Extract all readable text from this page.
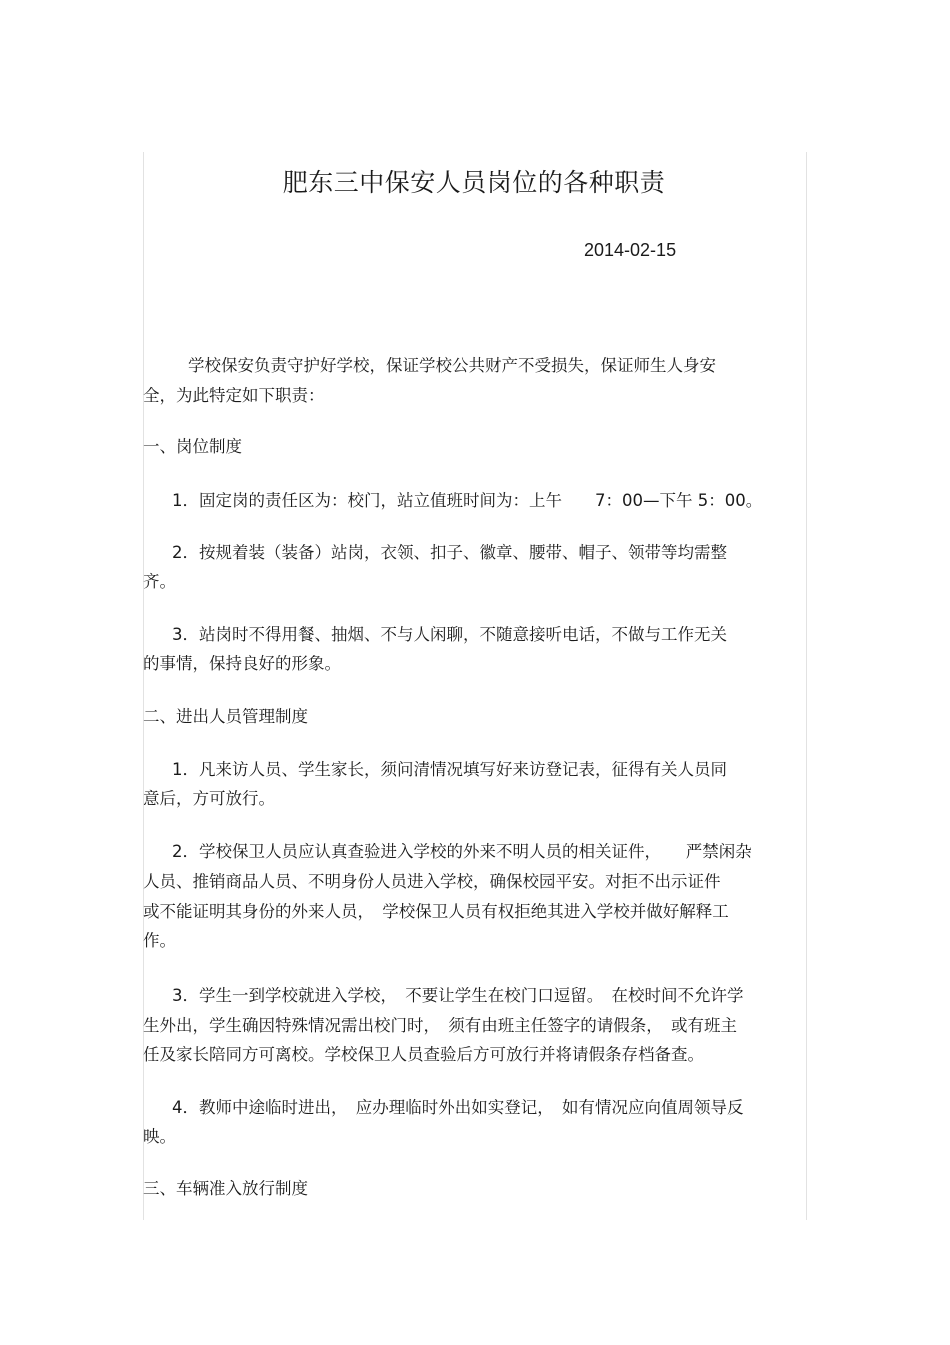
肥东三中保安人员岗位的各种职责
2014-02-15
学校保安负责守护好学校，保证学校公共财产不受损失，保证师生人身安
全，为此特定如下职责：
一、岗位制度
1．固定岗的责任区为：校门，站立值班时间为：上午　　7：00—下午 5：00。
2．按规着装（装备）站岗，衣领、扣子、徽章、腰带、帽子、领带等均需整
齐。
3．站岗时不得用餐、抽烟、不与人闲聊，不随意接听电话，不做与工作无关
的事情，保持良好的形象。
二、进出人员管理制度
1．凡来访人员、学生家长，须问清情况填写好来访登记表，征得有关人员同
意后，方可放行。
2．学校保卫人员应认真查验进入学校的外来不明人员的相关证件，　　严禁闲杂
人员、推销商品人员、不明身份人员进入学校，确保校园平安。对拒不出示证件
或不能证明其身份的外来人员，　学校保卫人员有权拒绝其进入学校并做好解释工
作。
3．学生一到学校就进入学校，　不要让学生在校门口逗留。　在校时间不允许学
生外出，学生确因特殊情况需出校门时，　须有由班主任签字的请假条，　或有班主
任及家长陪同方可离校。学校保卫人员查验后方可放行并将请假条存档备查。
4．教师中途临时进出，　应办理临时外出如实登记，　如有情况应向值周领导反
映。
三、车辆准入放行制度
